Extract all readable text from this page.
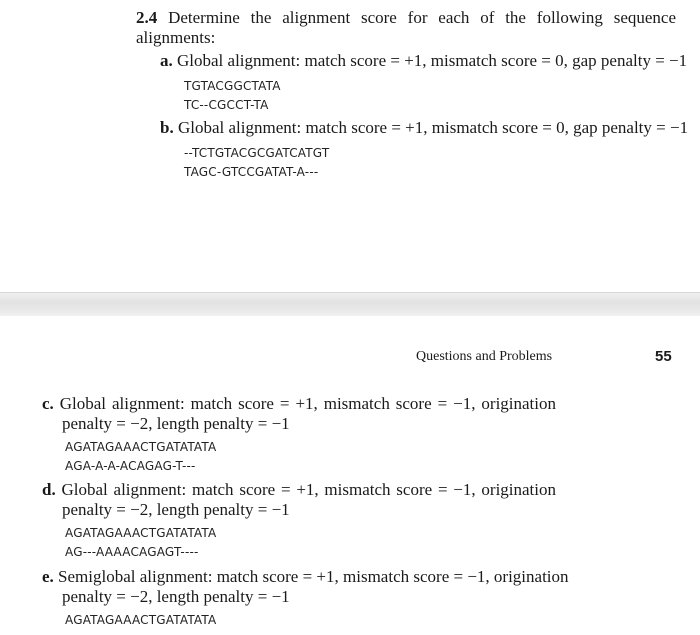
2.4 Determine the alignment score for each of the following sequence
alignments:
a. Global alignment: match score = +1, mismatch score = 0, gap penalty = −1
TGTACGGCTATA
TC--CGCCT-TA
b. Global alignment: match score = +1, mismatch score = 0, gap penalty = −1
--TCTGTACGCGATCATGT
TAGC-GTCCGATAT-A---
Questions and Problems	55
c. Global alignment: match score = +1, mismatch score = −1, origination
penalty = −2, length penalty = −1
AGATAGAAACTGATATATA
AGA-A-A-ACAGAG-T---
d. Global alignment: match score = +1, mismatch score = −1, origination
penalty = −2, length penalty = −1
AGATAGAAACTGATATATA
AG---AAAACAGAGT----
e. Semiglobal alignment: match score = +1, mismatch score = −1, origination
penalty = −2, length penalty = −1
AGATAGAAACTGATATATA
